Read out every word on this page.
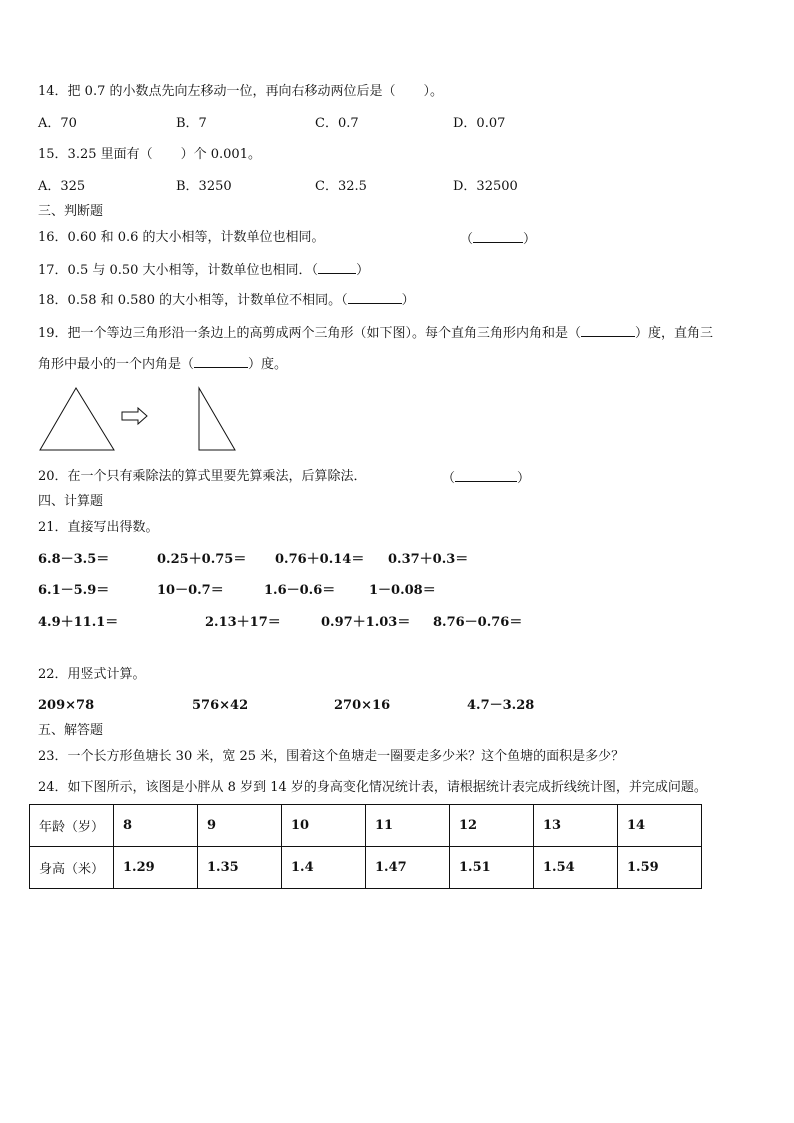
14．把 0.7 的小数点先向左移动一位，再向右移动两位后是（ ）。
A．70	B．7	C．0.7	D．0.07
15．3.25 里面有（ ）个 0.001。
A．325	B．3250	C．32.5	D．32500
三、判断题
16．0.60 和 0.6 的大小相等，计数单位也相同。	（	）
17．0.5 与 0.50 大小相等，计数单位也相同．（	）
18．0.58 和 0.580 的大小相等，计数单位不相同。（	）
19．把一个等边三角形沿一条边上的高剪成两个三角形（如下图）。每个直角三角形内角和是（	）度，直角三
角形中最小的一个内角是（	）度。
20．在一个只有乘除法的算式里要先算乘法，后算除法．	（	）
四、计算题
21．直接写出得数。
6.8－3.5＝	0.25＋0.75＝ 0.76＋0.14＝ 0.37＋0.3＝
6.1－5.9＝	10－0.7＝	1.6－0.6＝	1－0.08＝
4.9＋11.1＝	2.13＋17＝	0.97＋1.03＝ 8.76－0.76＝
22．用竖式计算。
209×78	576×42	270×16	4.7－3.28
五、解答题
23．一个长方形鱼塘长 30 米，宽 25 米，围着这个鱼塘走一圈要走多少米？这个鱼塘的面积是多少？
24．如下图所示，该图是小胖从 8 岁到 14 岁的身高变化情况统计表，请根据统计表完成折线统计图，并完成问题。
年龄（岁）	8	9	10	11	12	13	14
身高（米）	1.29	1.35	1.4	1.47	1.51	1.54	1.59
